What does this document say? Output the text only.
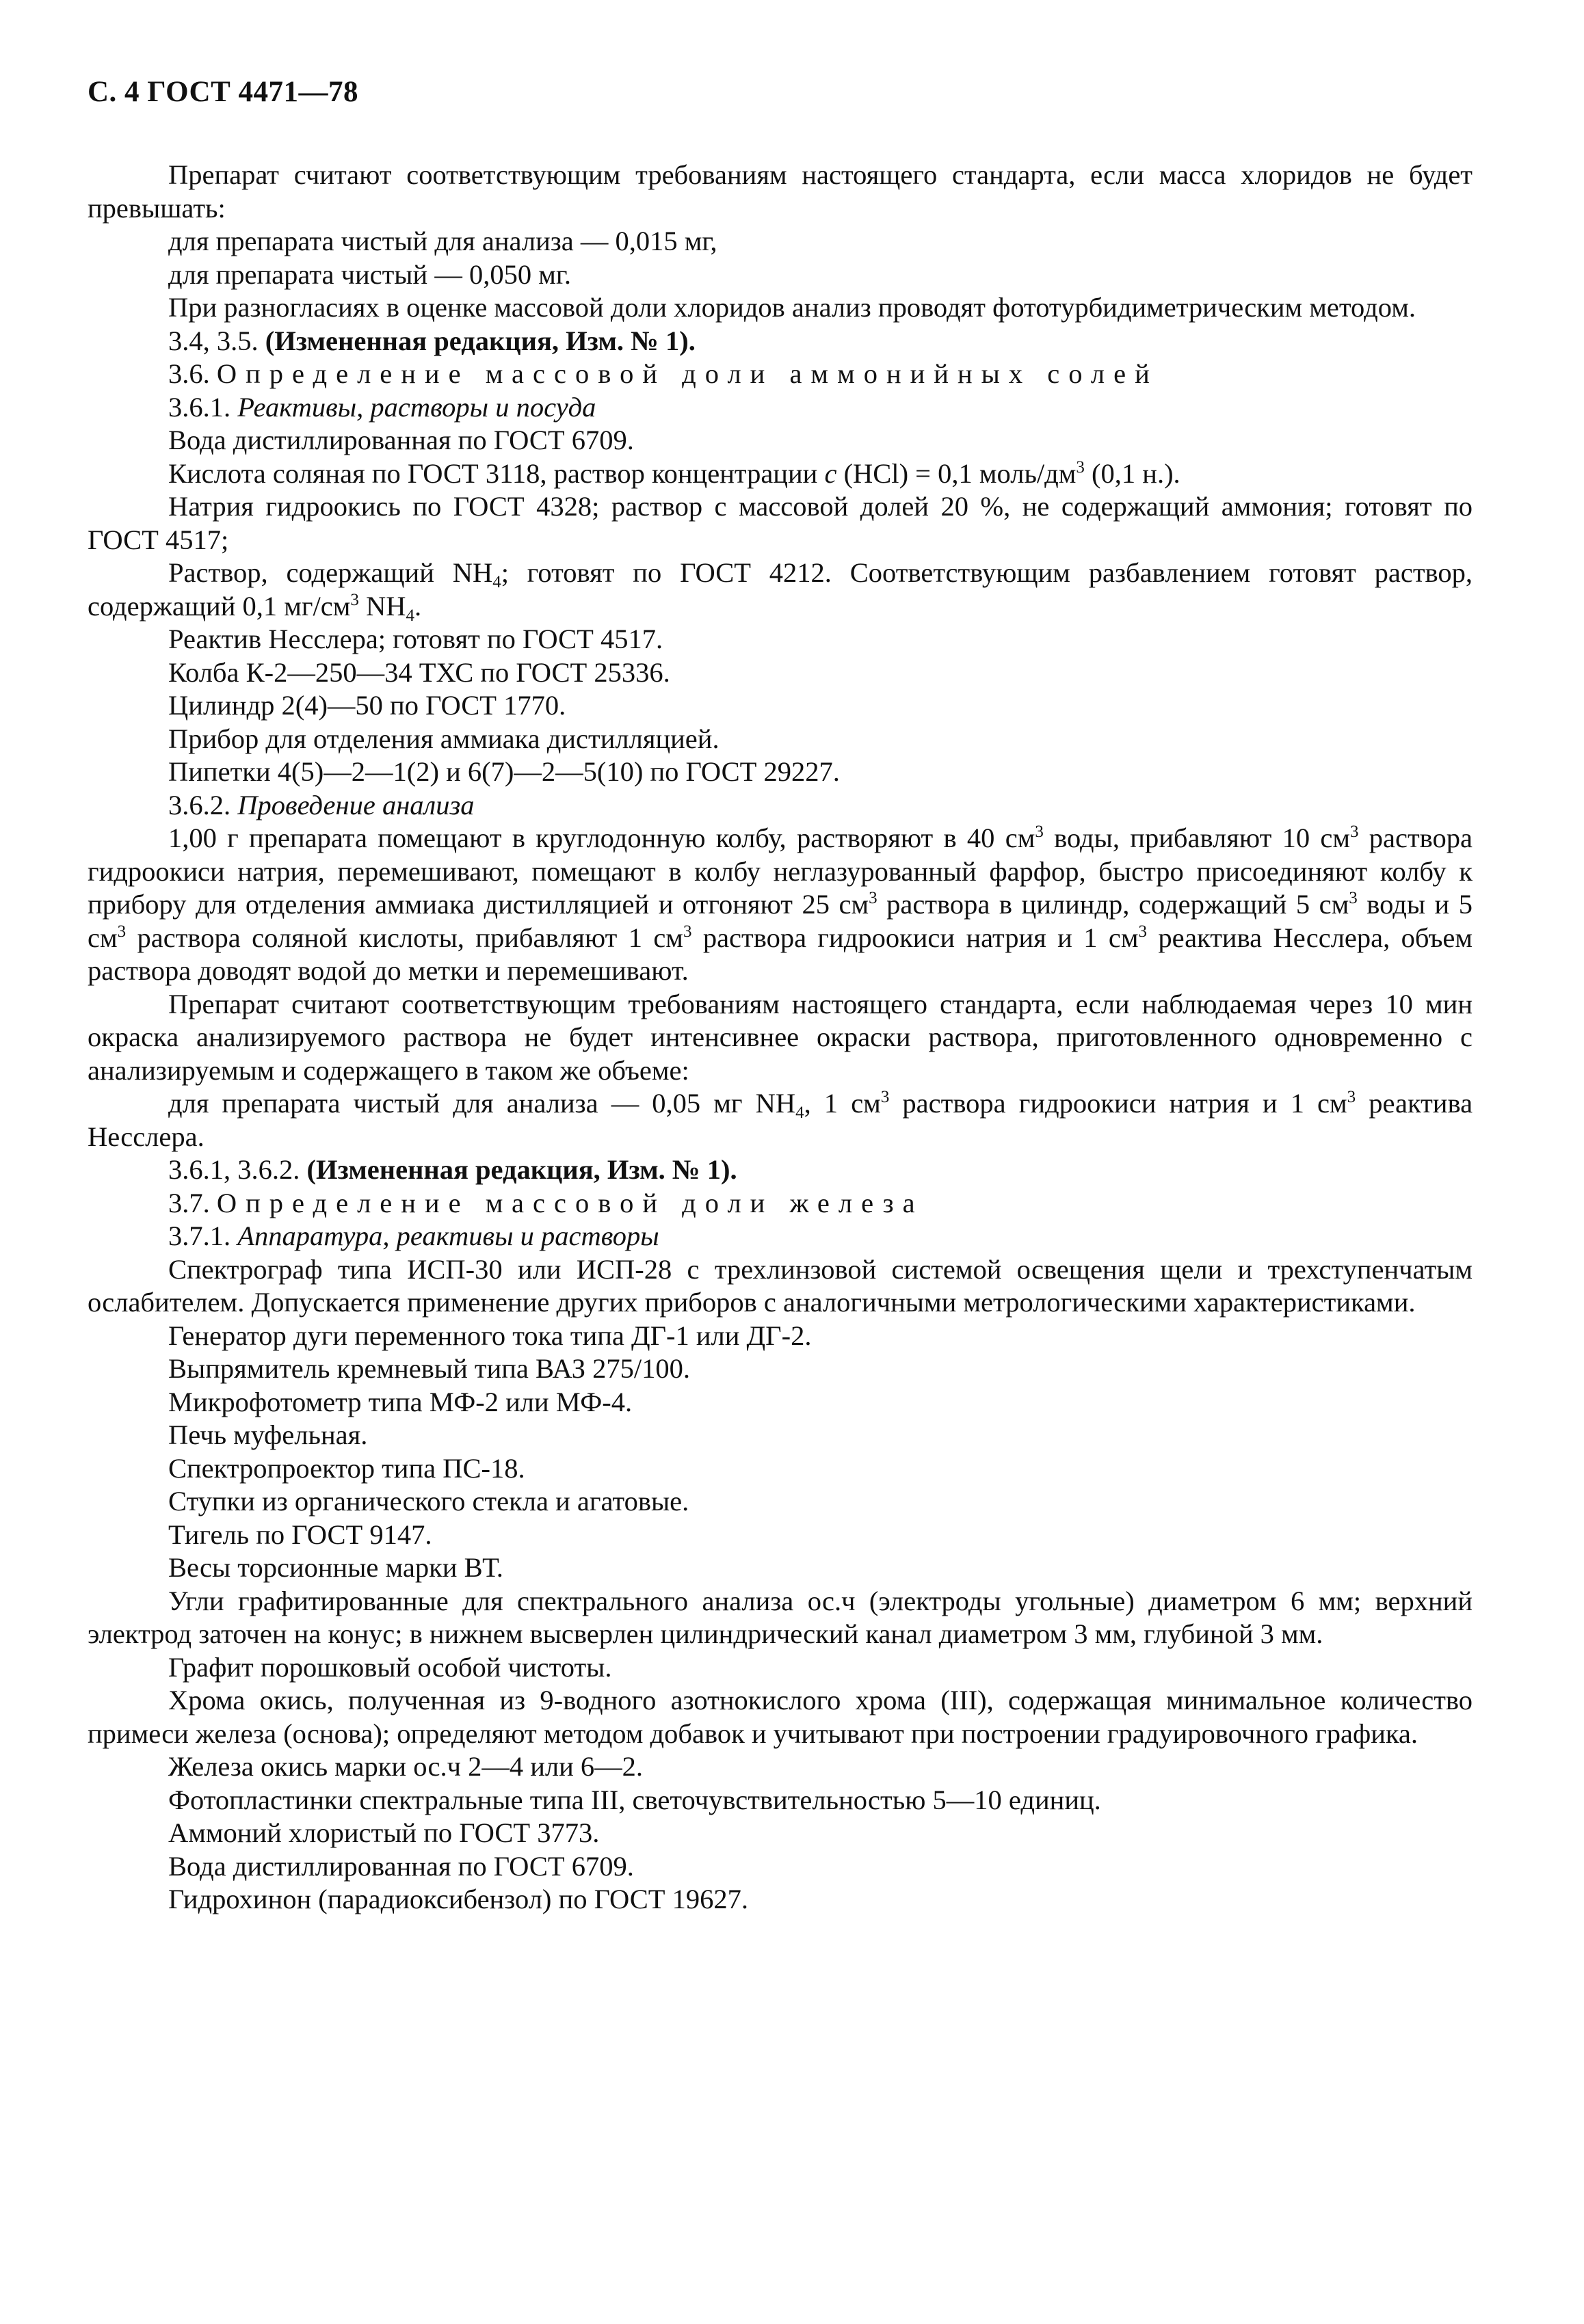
С. 4 ГОСТ 4471—78

Препарат считают соответствующим требованиям настоящего стандарта, если масса хлоридов не будет превышать:

для препарата чистый для анализа — 0,015 мг,

для препарата чистый — 0,050 мг.

При разногласиях в оценке массовой доли хлоридов анализ проводят фототурбидиметрическим методом.

3.4, 3.5. (Измененная редакция, Изм. № 1).

3.6. Определение массовой доли аммонийных солей

3.6.1. Реактивы, растворы и посуда

Вода дистиллированная по ГОСТ 6709.

Кислота соляная по ГОСТ 3118, раствор концентрации c (HCl) = 0,1 моль/$дм^3$ (0,1 н.).

Натрия гидроокись по ГОСТ 4328; раствор с массовой долей 20 %, не содержащий аммония; готовят по ГОСТ 4517;

Раствор, содержащий $NH_4$; готовят по ГОСТ 4212. Соответствующим разбавлением готовят раствор, содержащий 0,1 $мг/см^3$ $NH_4$.

Реактив Несслера; готовят по ГОСТ 4517.

Колба К-2—250—34 ТХС по ГОСТ 25336.

Цилиндр 2(4)—50 по ГОСТ 1770.

Прибор для отделения аммиака дистилляцией.

Пипетки 4(5)—2—1(2) и 6(7)—2—5(10) по ГОСТ 29227.

3.6.2. Проведение анализа

1,00 г препарата помещают в круглодонную колбу, растворяют в 40 $см^3$ воды, прибавляют 10 $см^3$ раствора гидроокиси натрия, перемешивают, помещают в колбу неглазурованный фарфор, быстро присоединяют колбу к прибору для отделения аммиака дистилляцией и отгоняют 25 $см^3$ раствора в цилиндр, содержащий 5 $см^3$ воды и 5 $см^3$ раствора соляной кислоты, прибавляют 1 $см^3$ раствора гидроокиси натрия и 1 $см^3$ реактива Несслера, объем раствора доводят водой до метки и перемешивают.

Препарат считают соответствующим требованиям настоящего стандарта, если наблюдаемая через 10 мин окраска анализируемого раствора не будет интенсивнее окраски раствора, приготовленного одновременно с анализируемым и содержащего в таком же объеме:

для препарата чистый для анализа — 0,05 мг $NH_4$, 1 $см^3$ раствора гидроокиси натрия и 1 $см^3$ реактива Несслера.

3.6.1, 3.6.2. (Измененная редакция, Изм. № 1).

3.7. Определение массовой доли железа

3.7.1. Аппаратура, реактивы и растворы

Спектрограф типа ИСП-30 или ИСП-28 с трехлинзовой системой освещения щели и трехступенчатым ослабителем. Допускается применение других приборов с аналогичными метрологическими характеристиками.

Генератор дуги переменного тока типа ДГ-1 или ДГ-2.

Выпрямитель кремневый типа ВАЗ 275/100.

Микрофотометр типа МФ-2 или МФ-4.

Печь муфельная.

Спектропроектор типа ПС-18.

Ступки из органического стекла и агатовые.

Тигель по ГОСТ 9147.

Весы торсионные марки ВТ.

Угли графитированные для спектрального анализа ос.ч (электроды угольные) диаметром 6 мм; верхний электрод заточен на конус; в нижнем высверлен цилиндрический канал диаметром 3 мм, глубиной 3 мм.

Графит порошковый особой чистоты.

Хрома окись, полученная из 9-водного азотнокислого хрома (III), содержащая минимальное количество примеси железа (основа); определяют методом добавок и учитывают при построении градуировочного графика.

Железа окись марки ос.ч 2—4 или 6—2.

Фотопластинки спектральные типа III, светочувствительностью 5—10 единиц.

Аммоний хлористый по ГОСТ 3773.

Вода дистиллированная по ГОСТ 6709.

Гидрохинон (парадиоксибензол) по ГОСТ 19627.
